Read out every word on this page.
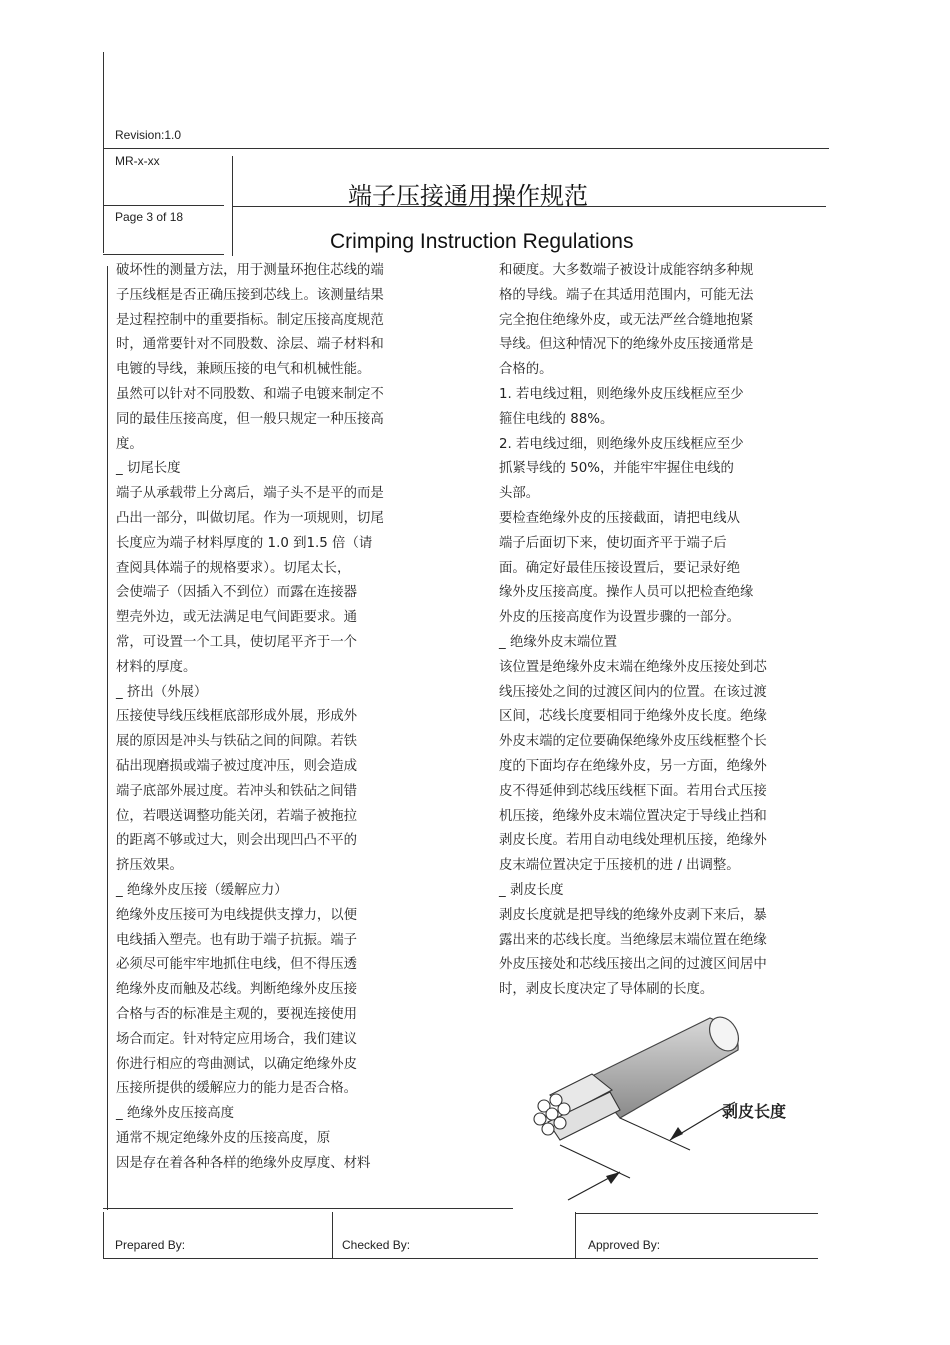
Revision:1.0
MR-x-xx
Page 3 of 18
端子压接通用操作规范
Crimping Instruction Regulations

破坏性的测量方法，用于测量环抱住芯线的端

子压线框是否正确压接到芯线上。该测量结果

是过程控制中的重要指标。制定压接高度规范

时，通常要针对不同股数、涂层、端子材料和

电镀的导线，兼顾压接的电气和机械性能。

虽然可以针对不同股数、和端子电镀来制定不

同的最佳压接高度，但一般只规定一种压接高

度。

_ 切尾长度

端子从承载带上分离后，端子头不是平的而是

凸出一部分，叫做切尾。作为一项规则，切尾

长度应为端子材料厚度的 1.0 到1.5 倍（请

查阅具体端子的规格要求）。切尾太长，

会使端子（因插入不到位）而露在连接器

塑壳外边，或无法满足电气间距要求。通

常，可设置一个工具，使切尾平齐于一个

材料的厚度。

_ 挤出（外展）

压接使导线压线框底部形成外展，形成外

展的原因是冲头与铁砧之间的间隙。若铁

砧出现磨损或端子被过度冲压，则会造成

端子底部外展过度。若冲头和铁砧之间错

位，若喂送调整功能关闭，若端子被拖拉

的距离不够或过大，则会出现凹凸不平的

挤压效果。

_ 绝缘外皮压接（缓解应力）

绝缘外皮压接可为电线提供支撑力，以便

电线插入塑壳。也有助于端子抗振。端子

必须尽可能牢牢地抓住电线，但不得压透

绝缘外皮而触及芯线。判断绝缘外皮压接

合格与否的标准是主观的，要视连接使用

场合而定。针对特定应用场合，我们建议

你进行相应的弯曲测试，以确定绝缘外皮

压接所提供的缓解应力的能力是否合格。

_ 绝缘外皮压接高度

通常不规定绝缘外皮的压接高度，原

因是存在着各种各样的绝缘外皮厚度、材料

和硬度。大多数端子被设计成能容纳多种规

格的导线。端子在其适用范围内，可能无法

完全抱住绝缘外皮，或无法严丝合缝地抱紧

导线。但这种情况下的绝缘外皮压接通常是

合格的。

1. 若电线过粗，则绝缘外皮压线框应至少

箍住电线的 88%。

2. 若电线过细，则绝缘外皮压线框应至少

抓紧导线的 50%，并能牢牢握住电线的

头部。

要检查绝缘外皮的压接截面，请把电线从

端子后面切下来，使切面齐平于端子后

面。确定好最佳压接设置后，要记录好绝

缘外皮压接高度。操作人员可以把检查绝缘

外皮的压接高度作为设置步骤的一部分。

_ 绝缘外皮末端位置

该位置是绝缘外皮末端在绝缘外皮压接处到芯

线压接处之间的过渡区间内的位置。在该过渡

区间，芯线长度要相同于绝缘外皮长度。绝缘

外皮末端的定位要确保绝缘外皮压线框整个长

度的下面均存在绝缘外皮，另一方面，绝缘外

皮不得延伸到芯线压线框下面。若用台式压接

机压接，绝缘外皮末端位置决定于导线止挡和

剥皮长度。若用自动电线处理机压接，绝缘外

皮末端位置决定于压接机的进 / 出调整。

_ 剥皮长度

剥皮长度就是把导线的绝缘外皮剥下来后，暴

露出来的芯线长度。当绝缘层末端位置在绝缘

外皮压接处和芯线压接出之间的过渡区间居中

时，剥皮长度决定了导体刷的长度。

剥皮长度
Prepared By:	Checked By:	Approved By:
